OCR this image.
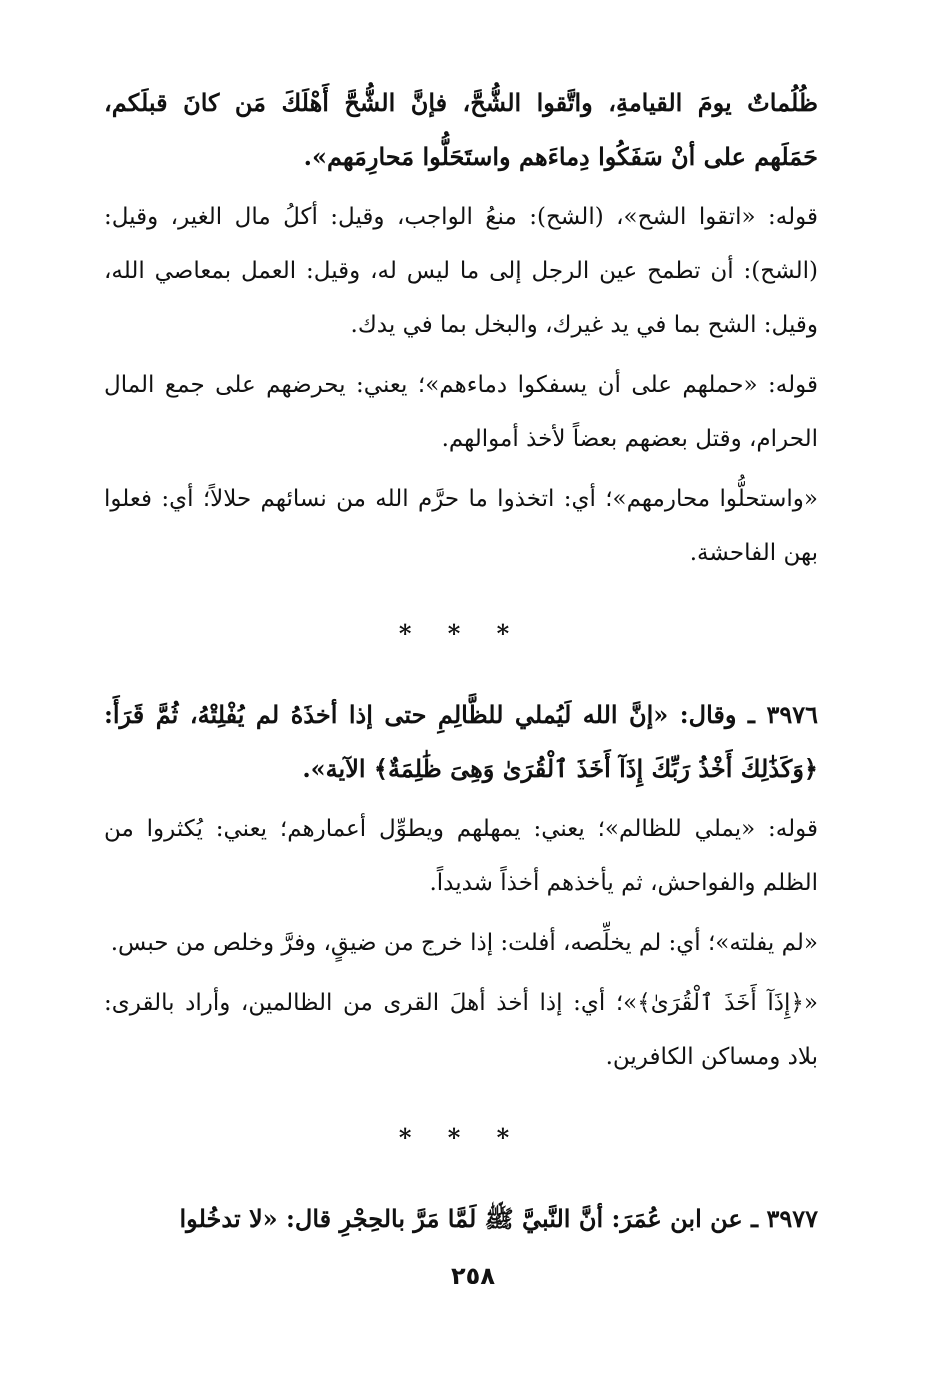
ظُلُماتٌ يومَ القيامةِ، واتَّقوا الشُّحَّ، فإنَّ الشُّحَّ أَهْلَكَ مَن كانَ قبلَكم، حَمَلَهم على أنْ سَفَكُوا دِماءَهم واستَحَلُّوا مَحارِمَهم».

قوله: «اتقوا الشح»، (الشح): منعُ الواجب، وقيل: أكلُ مال الغير، وقيل: (الشح): أن تطمح عين الرجل إلى ما ليس له، وقيل: العمل بمعاصي الله، وقيل: الشح بما في يد غيرك، والبخل بما في يدك.

قوله: «حملهم على أن يسفكوا دماءهم»؛ يعني: يحرضهم على جمع المال الحرام، وقتل بعضهم بعضاً لأخذ أموالهم.

«واستحلُّوا محارمهم»؛ أي: اتخذوا ما حرَّم الله من نسائهم حلالاً؛ أي: فعلوا بهن الفاحشة.

* * *

٣٩٧٦ ـ وقال: «إنَّ الله لَيُملي للظَّالِمِ حتى إذا أخذَهُ لم يُفْلِتْهُ، ثُمَّ قَرَأَ: ﴿وَكَذَٰلِكَ أَخْذُ رَبِّكَ إِذَآ أَخَذَ ٱلْقُرَىٰ وَهِىَ ظَٰلِمَةٌ﴾ الآية».

قوله: «يملي للظالم»؛ يعني: يمهلهم ويطوِّل أعمارهم؛ يعني: يُكثروا من الظلم والفواحش، ثم يأخذهم أخذاً شديداً.

«لم يفلته»؛ أي: لم يخلِّصه، أفلت: إذا خرج من ضيقٍ، وفرَّ وخلص من حبس.

«﴿إِذَآ أَخَذَ ٱلْقُرَىٰ﴾»؛ أي: إذا أخذ أهلَ القرى من الظالمين، وأراد بالقرى: بلاد ومساكن الكافرين.

* * *

٣٩٧٧ ـ عن ابن عُمَرَ: أنَّ النَّبيَّ ﷺ لَمَّا مَرَّ بالحِجْرِ قال: «لا تدخُلوا

٢٥٨
